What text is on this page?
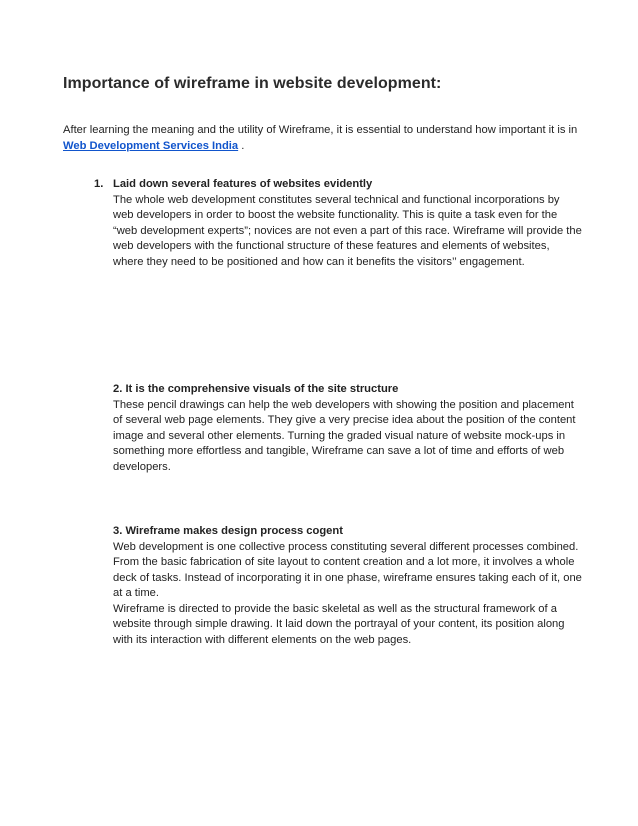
Importance of wireframe in website development:

After learning the meaning and the utility of Wireframe, it is essential to understand how important it is in
Web Development Services India .

1. Laid down several features of websites evidently

The whole web development constitutes several technical and functional incorporations by web developers in order to boost the website functionality. This is quite a task even for the “web development experts”; novices are not even a part of this race. Wireframe will provide the web developers with the functional structure of these features and elements of websites, where they need to be positioned and how can it benefits the visitors’’ engagement.

2. It is the comprehensive visuals of the site structure

These pencil drawings can help the web developers with showing the position and placement of several web page elements. They give a very precise idea about the position of the content image and several other elements. Turning the graded visual nature of website mock-ups in something more effortless and tangible, Wireframe can save a lot of time and efforts of web developers.

3. Wireframe makes design process cogent

Web development is one collective process constituting several different processes combined. From the basic fabrication of site layout to content creation and a lot more, it involves a whole deck of tasks. Instead of incorporating it in one phase, wireframe ensures taking each of it, one at a time.

Wireframe is directed to provide the basic skeletal as well as the structural framework of a website through simple drawing. It laid down the portrayal of your content, its position along with its interaction with different elements on the web pages.
